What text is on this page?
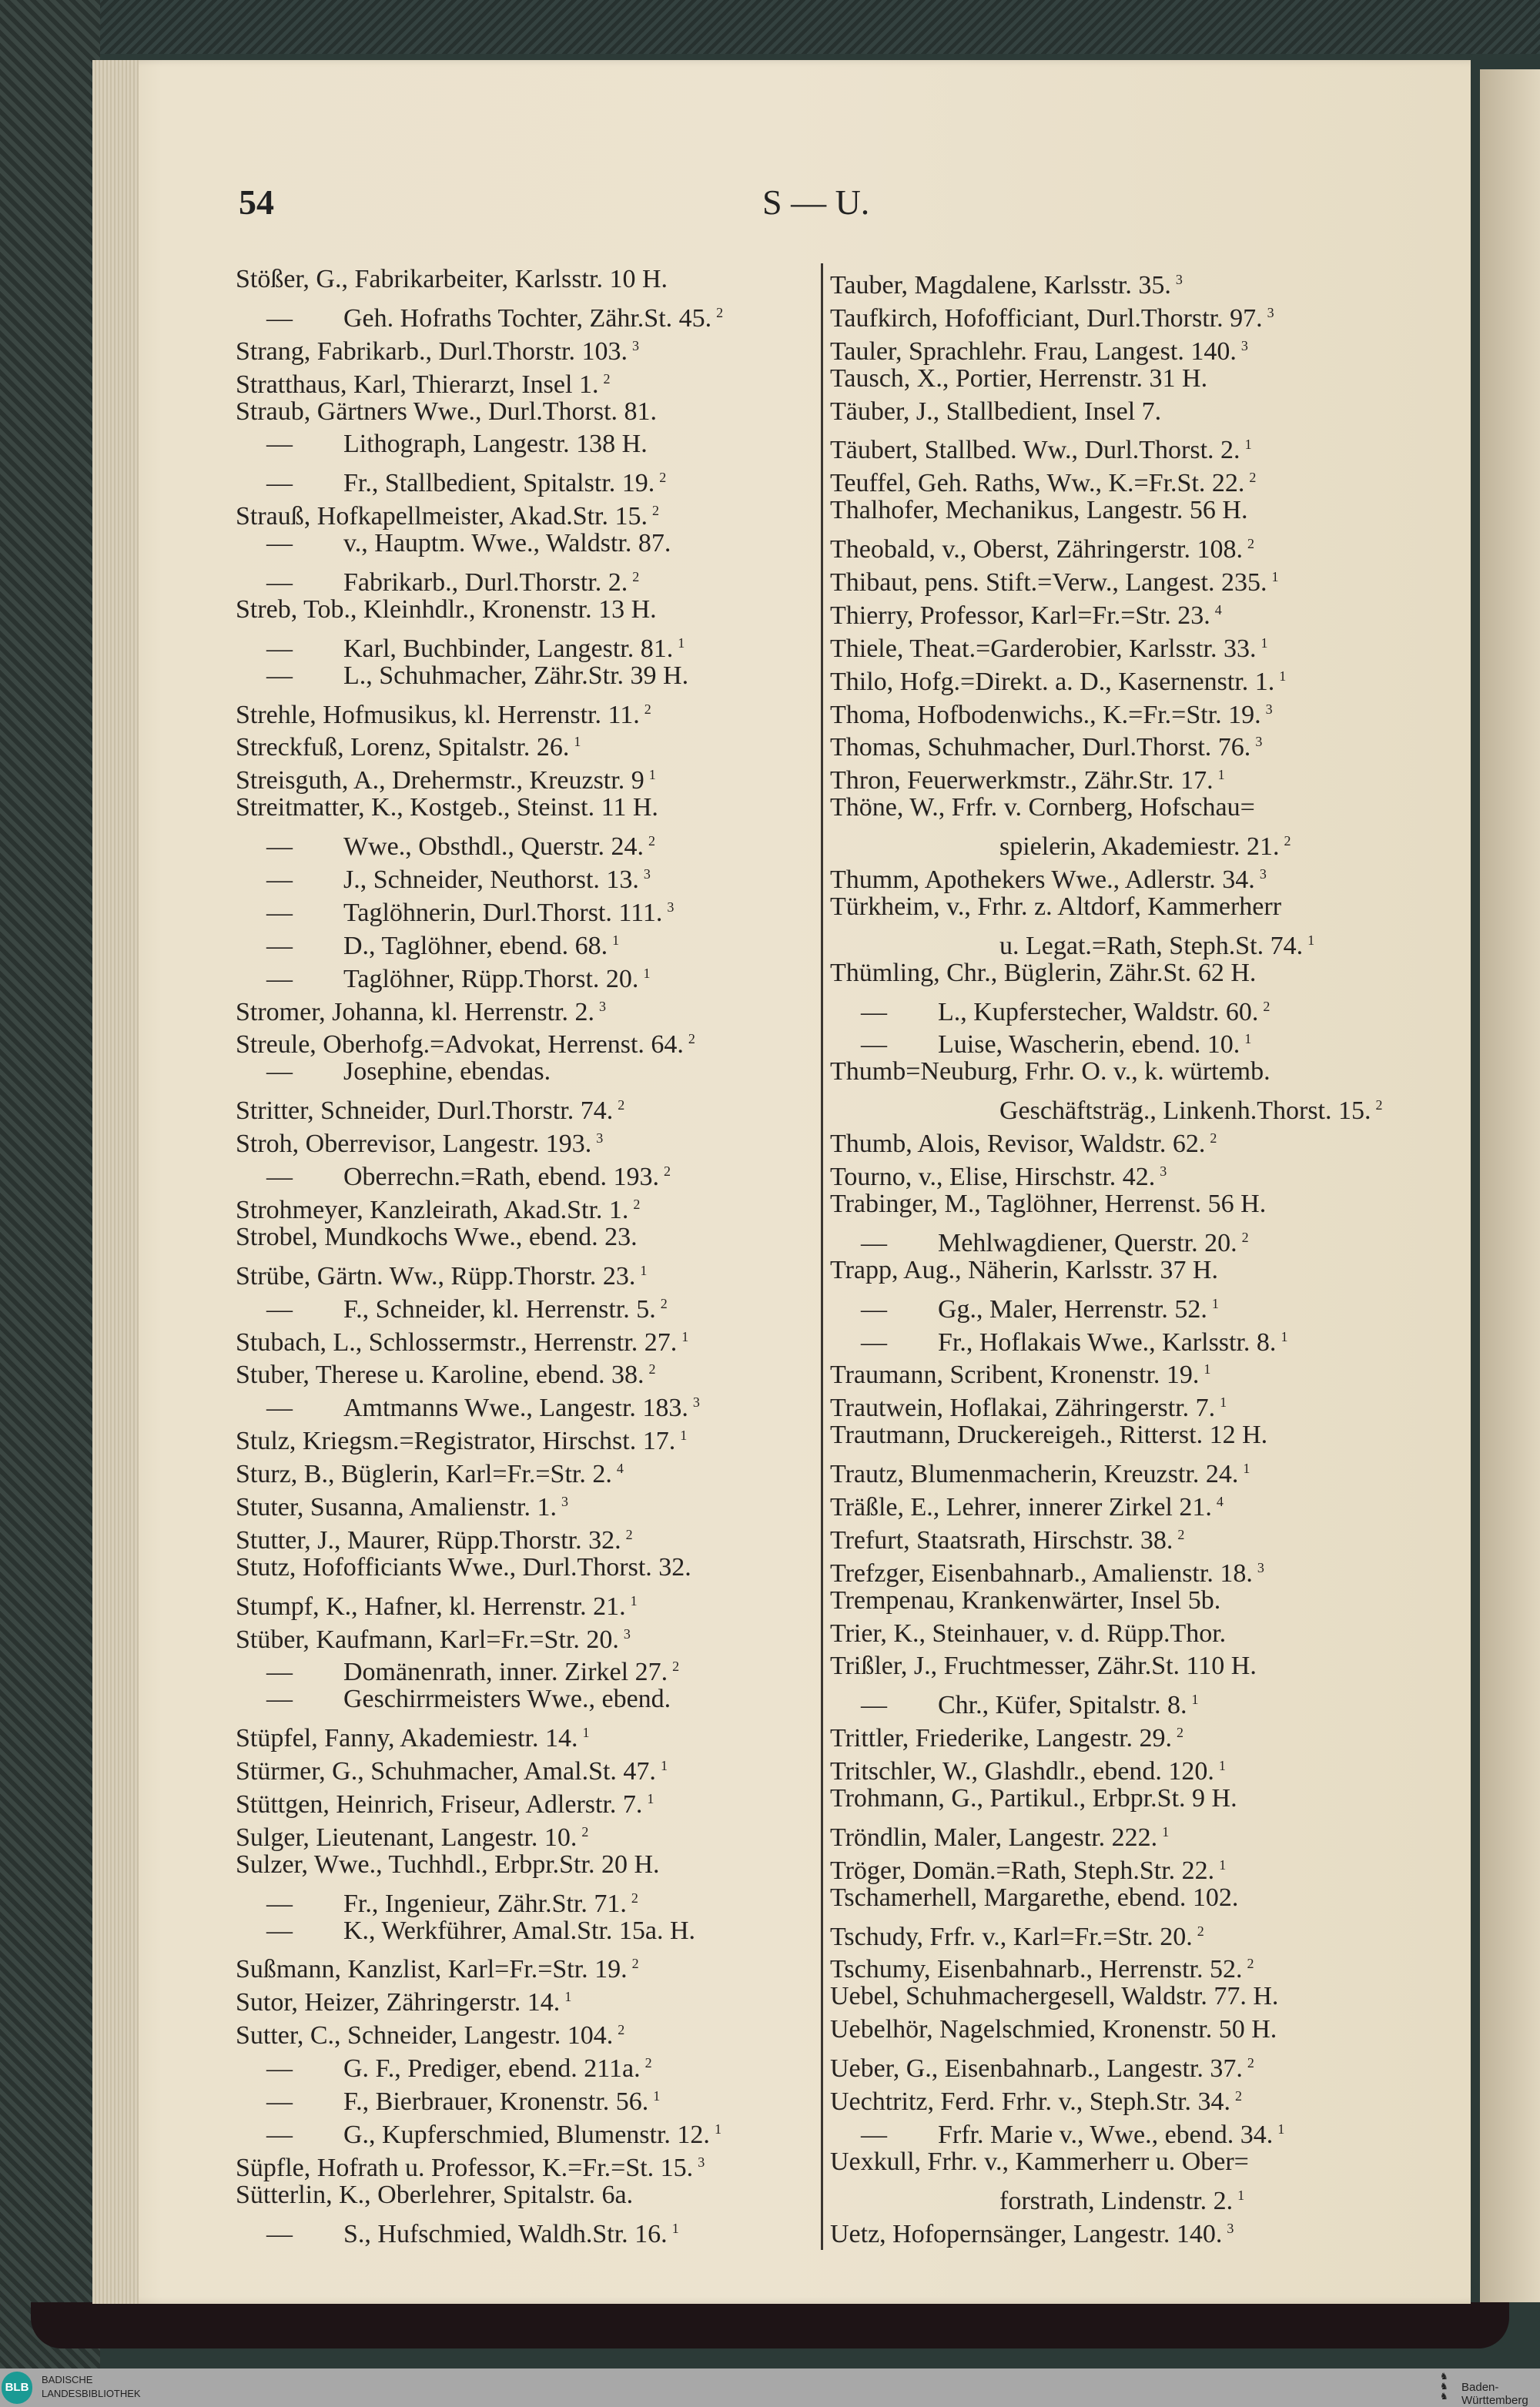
54	S — U.
Stößer, G., Fabrikarbeiter, Karlsstr. 10 H.
— Geh. Hofraths Tochter, Zähr.St. 45. $^2$
Strang, Fabrikarb., Durl.Thorstr. 103. $^3$
Stratthaus, Karl, Thierarzt, Insel 1. $^2$
Straub, Gärtners Wwe., Durl.Thorst. 81.
— Lithograph, Langestr. 138 H.
— Fr., Stallbedient, Spitalstr. 19. $^2$
Strauß, Hofkapellmeister, Akad.Str. 15. $^2$
— v., Hauptm. Wwe., Waldstr. 87.
— Fabrikarb., Durl.Thorstr. 2. $^2$
Streb, Tob., Kleinhdlr., Kronenstr. 13 H.
— Karl, Buchbinder, Langestr. 81. $^1$
— L., Schuhmacher, Zähr.Str. 39 H.
Strehle, Hofmusikus, kl. Herrenstr. 11. $^2$
Streckfuß, Lorenz, Spitalstr. 26. $^1$
Streisguth, A., Drehermstr., Kreuzstr. 9 $^1$
Streitmatter, K., Kostgeb., Steinst. 11 H.
— Wwe., Obsthdl., Querstr. 24. $^2$
— J., Schneider, Neuthorst. 13. $^3$
— Taglöhnerin, Durl.Thorst. 111. $^3$
— D., Taglöhner, ebend. 68. $^1$
— Taglöhner, Rüpp.Thorst. 20. $^1$
Stromer, Johanna, kl. Herrenstr. 2. $^3$
Streule, Oberhofg.=Advokat, Herrenst. 64. $^2$
— Josephine, ebendas.
Stritter, Schneider, Durl.Thorstr. 74. $^2$
Stroh, Oberrevisor, Langestr. 193. $^3$
— Oberrechn.=Rath, ebend. 193. $^2$
Strohmeyer, Kanzleirath, Akad.Str. 1. $^2$
Strobel, Mundkochs Wwe., ebend. 23.
Strübe, Gärtn. Ww., Rüpp.Thorstr. 23. $^1$
— F., Schneider, kl. Herrenstr. 5. $^2$
Stubach, L., Schlossermstr., Herrenstr. 27. $^1$
Stuber, Therese u. Karoline, ebend. 38. $^2$
— Amtmanns Wwe., Langestr. 183. $^3$
Stulz, Kriegsm.=Registrator, Hirschst. 17. $^1$
Sturz, B., Büglerin, Karl=Fr.=Str. 2. $^4$
Stuter, Susanna, Amalienstr. 1. $^3$
Stutter, J., Maurer, Rüpp.Thorstr. 32. $^2$
Stutz, Hofofficiants Wwe., Durl.Thorst. 32.
Stumpf, K., Hafner, kl. Herrenstr. 21. $^1$
Stüber, Kaufmann, Karl=Fr.=Str. 20. $^3$
— Domänenrath, inner. Zirkel 27. $^2$
— Geschirrmeisters Wwe., ebend.
Stüpfel, Fanny, Akademiestr. 14. $^1$
Stürmer, G., Schuhmacher, Amal.St. 47. $^1$
Stüttgen, Heinrich, Friseur, Adlerstr. 7. $^1$
Sulger, Lieutenant, Langestr. 10. $^2$
Sulzer, Wwe., Tuchhdl., Erbpr.Str. 20 H.
— Fr., Ingenieur, Zähr.Str. 71. $^2$
— K., Werkführer, Amal.Str. 15a. H.
Sußmann, Kanzlist, Karl=Fr.=Str. 19. $^2$
Sutor, Heizer, Zähringerstr. 14. $^1$
Sutter, C., Schneider, Langestr. 104. $^2$
— G. F., Prediger, ebend. 211a. $^2$
— F., Bierbrauer, Kronenstr. 56. $^1$
— G., Kupferschmied, Blumenstr. 12. $^1$
Süpfle, Hofrath u. Professor, K.=Fr.=St. 15. $^3$
Sütterlin, K., Oberlehrer, Spitalstr. 6a.
— S., Hufschmied, Waldh.Str. 16. $^1$
Tauber, Magdalene, Karlsstr. 35. $^3$
Taufkirch, Hofofficiant, Durl.Thorstr. 97. $^3$
Tauler, Sprachlehr. Frau, Langest. 140. $^3$
Tausch, X., Portier, Herrenstr. 31 H.
Täuber, J., Stallbedient, Insel 7.
Täubert, Stallbed. Ww., Durl.Thorst. 2. $^1$
Teuffel, Geh. Raths, Ww., K.=Fr.St. 22. $^2$
Thalhofer, Mechanikus, Langestr. 56 H.
Theobald, v., Oberst, Zähringerstr. 108. $^2$
Thibaut, pens. Stift.=Verw., Langest. 235. $^1$
Thierry, Professor, Karl=Fr.=Str. 23. $^4$
Thiele, Theat.=Garderobier, Karlsstr. 33. $^1$
Thilo, Hofg.=Direkt. a. D., Kasernenstr. 1. $^1$
Thoma, Hofbodenwichs., K.=Fr.=Str. 19. $^3$
Thomas, Schuhmacher, Durl.Thorst. 76. $^3$
Thron, Feuerwerkmstr., Zähr.Str. 17. $^1$
Thöne, W., Frfr. v. Cornberg, Hofschau=
spielerin, Akademiestr. 21. $^2$
Thumm, Apothekers Wwe., Adlerstr. 34. $^3$
Türkheim, v., Frhr. z. Altdorf, Kammerherr
u. Legat.=Rath, Steph.St. 74. $^1$
Thümling, Chr., Büglerin, Zähr.St. 62 H.
— L., Kupferstecher, Waldstr. 60. $^2$
— Luise, Wascherin, ebend. 10. $^1$
Thumb=Neuburg, Frhr. O. v., k. würtemb.
Geschäftsträg., Linkenh.Thorst. 15. $^2$
Thumb, Alois, Revisor, Waldstr. 62. $^2$
Tourno, v., Elise, Hirschstr. 42. $^3$
Trabinger, M., Taglöhner, Herrenst. 56 H.
— Mehlwagdiener, Querstr. 20. $^2$
Trapp, Aug., Näherin, Karlsstr. 37 H.
— Gg., Maler, Herrenstr. 52. $^1$
— Fr., Hoflakais Wwe., Karlsstr. 8. $^1$
Traumann, Scribent, Kronenstr. 19. $^1$
Trautwein, Hoflakai, Zähringerstr. 7. $^1$
Trautmann, Druckereigeh., Ritterst. 12 H.
Trautz, Blumenmacherin, Kreuzstr. 24. $^1$
Träßle, E., Lehrer, innerer Zirkel 21. $^4$
Trefurt, Staatsrath, Hirschstr. 38. $^2$
Trefzger, Eisenbahnarb., Amalienstr. 18. $^3$
Trempenau, Krankenwärter, Insel 5b.
Trier, K., Steinhauer, v. d. Rüpp.Thor.
Trißler, J., Fruchtmesser, Zähr.St. 110 H.
— Chr., Küfer, Spitalstr. 8. $^1$
Trittler, Friederike, Langestr. 29. $^2$
Tritschler, W., Glashdlr., ebend. 120. $^1$
Trohmann, G., Partikul., Erbpr.St. 9 H.
Tröndlin, Maler, Langestr. 222. $^1$
Tröger, Domän.=Rath, Steph.Str. 22. $^1$
Tschamerhell, Margarethe, ebend. 102.
Tschudy, Frfr. v., Karl=Fr.=Str. 20. $^2$
Tschumy, Eisenbahnarb., Herrenstr. 52. $^2$
Uebel, Schuhmachergesell, Waldstr. 77. H.
Uebelhör, Nagelschmied, Kronenstr. 50 H.
Ueber, G., Eisenbahnarb., Langestr. 37. $^2$
Uechtritz, Ferd. Frhr. v., Steph.Str. 34. $^2$
— Frfr. Marie v., Wwe., ebend. 34. $^1$
Uexkull, Frhr. v., Kammerherr u. Ober=
forstrath, Lindenstr. 2. $^1$
Uetz, Hofopernsänger, Langestr. 140. $^3$
BLB
BADISCHE
LANDESBIBLIOTHEK
♞
♞
♞
Baden-Württemberg
